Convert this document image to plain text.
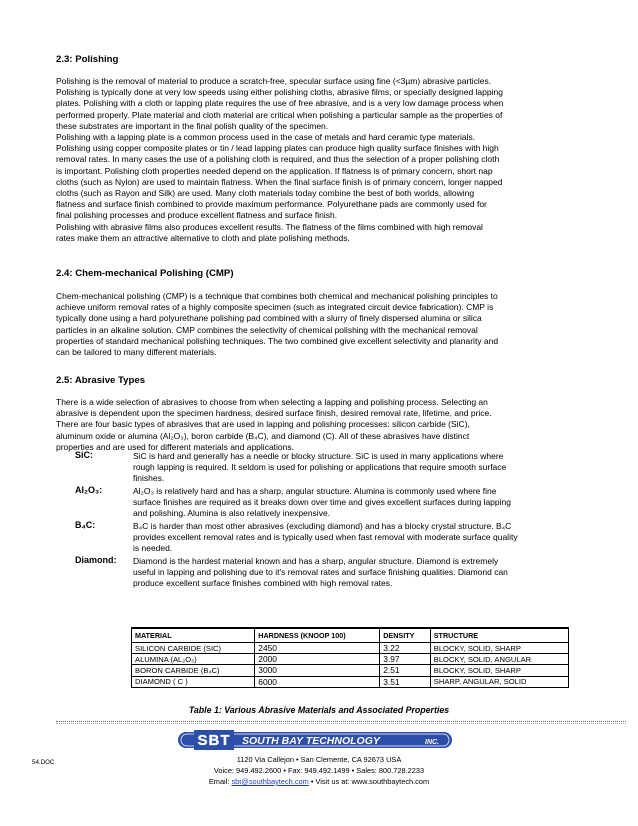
2.3: Polishing
Polishing is the removal of material to produce a scratch-free, specular surface using fine (<3µm) abrasive particles.
Polishing is typically done at very low speeds using either polishing cloths, abrasive films, or specially designed lapping
plates. Polishing with a cloth or lapping plate requires the use of free abrasive, and is a very low damage process when
performed properly. Plate material and cloth material are critical when polishing a particular sample as the properties of
these substrates are important in the final polish quality of the specimen.
Polishing with a lapping plate is a common process used in the case of metals and hard ceramic type materials.
Polishing using copper composite plates or tin / lead lapping plates can produce high quality surface finishes with high
removal rates. In many cases the use of a polishing cloth is required, and thus the selection of a proper polishing cloth
is important. Polishing cloth properties needed depend on the application. If flatness is of primary concern, short nap
cloths (such as Nylon) are used to maintain flatness. When the final surface finish is of primary concern, longer napped
cloths (such as Rayon and Silk) are used. Many cloth materials today combine the best of both worlds, allowing
flatness and surface finish combined to provide maximum performance. Polyurethane pads are commonly used for
final polishing processes and produce excellent flatness and surface finish.
Polishing with abrasive films also produces excellent results. The flatness of the films combined with high removal
rates make them an attractive alternative to cloth and plate polishing methods.
2.4: Chem-mechanical Polishing (CMP)
Chem-mechanical polishing (CMP) is a technique that combines both chemical and mechanical polishing principles to
achieve uniform removal rates of a highly composite specimen (such as integrated circuit device fabrication). CMP is
typically done using a hard polyurethane polishing pad combined with a slurry of finely dispersed alumina or silica
particles in an alkaline solution. CMP combines the selectivity of chemical polishing with the mechanical removal
properties of standard mechanical polishing techniques. The two combined give excellent selectivity and planarity and
can be tailored to many different materials.
2.5: Abrasive Types
There is a wide selection of abrasives to choose from when selecting a lapping and polishing process. Selecting an
abrasive is dependent upon the specimen hardness, desired surface finish, desired removal rate, lifetime, and price.
There are four basic types of abrasives that are used in lapping and polishing processes: silicon carbide (SiC),
aluminum oxide or alumina (Al₂O₃), boron carbide (B₄C), and diamond (C). All of these abrasives have distinct
properties and are used for different materials and applications.
SiC:	SiC is hard and generally has a needle or blocky structure. SiC is used in many applications where
rough lapping is required. It seldom is used for polishing or applications that require smooth surface
finishes.
Al₂O₃:	Al₂O₃ is relatively hard and has a sharp, angular structure. Alumina is commonly used where fine
surface finishes are required as it breaks down over time and gives excellent surfaces during lapping
and polishing. Alumina is also relatively inexpensive.
B₄C:	B₄C is harder than most other abrasives (excluding diamond) and has a blocky crystal structure. B₄C
provides excellent removal rates and is typically used when fast removal with moderate surface quality
is needed.
Diamond: Diamond is the hardest material known and has a sharp, angular structure. Diamond is extremely
useful in lapping and polishing due to it's removal rates and surface finishing qualities. Diamond can
produce excellent surface finishes combined with high removal rates.
MATERIAL	HARDNESS (KNOOP 100)	DENSITY	STRUCTURE
SILICON CARBIDE (SIC)	2450	3.22	BLOCKY, SOLID, SHARP
ALUMINA (AL₂O₃)	2000	3.97	BLOCKY, SOLID, ANGULAR
BORON CARBIDE (B₄C)	3000	2.51	BLOCKY, SOLID, SHARP
DIAMOND ( C )	6000	3.51	SHARP, ANGULAR, SOLID
Table 1: Various Abrasive Materials and Associated Properties
54.DOC
SBT SOUTH BAY TECHNOLOGY	INC.
1120 Via Callejon • San Clemente, CA 92673 USA
Voice: 949.492.2600 • Fax: 949.492.1499 • Sales: 800.728.2233
Email: sbt@southbaytech.com • Visit us at: www.southbaytech.com
